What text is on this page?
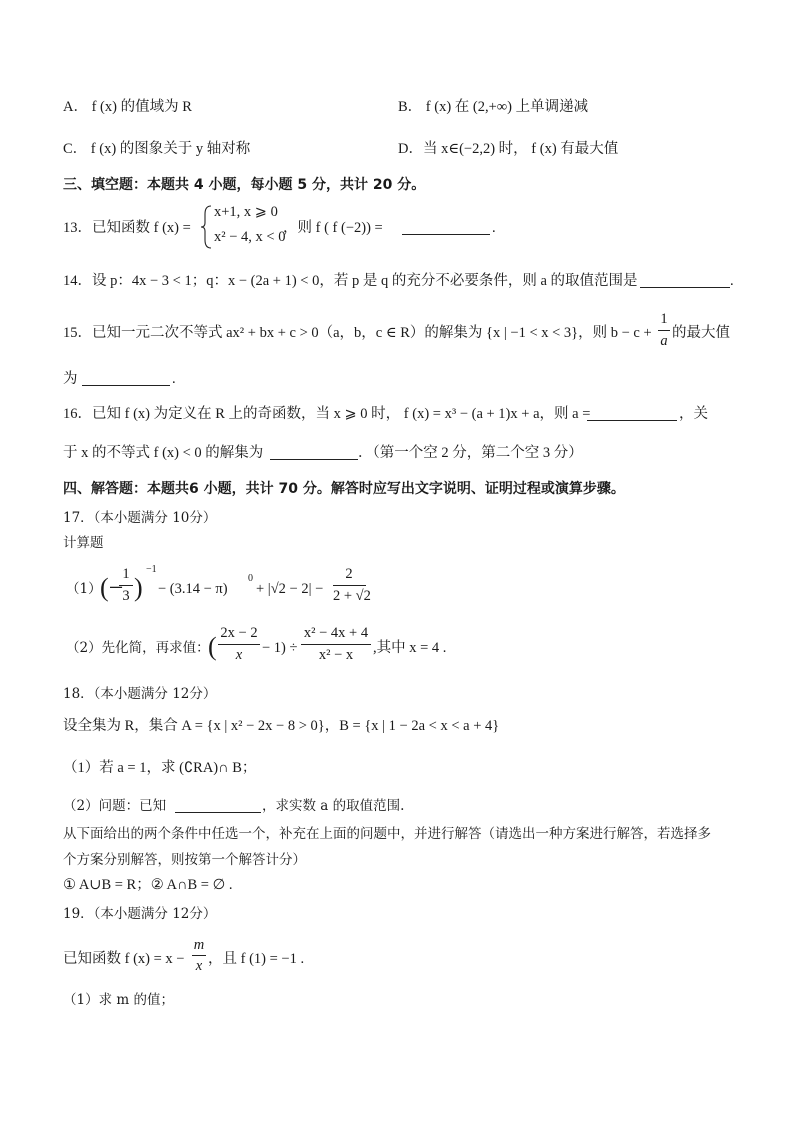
A． f (x) 的值域为 R	B． f (x) 在 (2,+∞) 上单调递减
C． f (x) 的图象关于 y 轴对称	D．当 x∈(−2,2) 时， f (x) 有最大值
三、填空题：本题共 4 小题，每小题 5 分，共计 20 分。
13．已知函数 f (x) =
x+1, x ⩾ 0
x² − 4, x < 0
，则 f ( f (−2)) =	.
14．设 p：4x − 3 < 1；q：x − (2a + 1) < 0，若 p 是 q 的充分不必要条件，则 a 的取值范围是	.
15．已知一元二次不等式 ax² + bx + c > 0（a，b，c ∈ R）的解集为 {x | −1 < x < 3}，则 b − c +
1
a 的最大值
为	.
16．已知 f (x) 为定义在 R 上的奇函数，当 x ⩾ 0 时， f (x) = x³ − (a + 1)x + a，则 a =	，关
于 x 的不等式 f (x) < 0 的解集为	．（第一个空 2 分，第二个空 3 分）
四、解答题：本题共6 小题，共计 70 分。解答时应写出文字说明、证明过程或演算步骤。
17．（本小题满分 10分）
计算题
（1）
(− 1
3 )
−1
− (3.14 − π)
0
+ |√2 − 2| −
2
2 + √2
（2）先化简，再求值：
( 2x − 2
x	− 1) ÷
x² − 4x + 4
x² − x	,其中 x = 4 .
18．（本小题满分 12分）
设全集为 R，集合 A = {x | x² − 2x − 8 > 0}，B = {x | 1 − 2a < x < a + 4}
（1）若 a = 1，求 (∁RA)∩ B；
（2）问题：已知	，求实数 a 的取值范围.
从下面给出的两个条件中任选一个，补充在上面的问题中，并进行解答（请选出一种方案进行解答，若选择多
个方案分别解答，则按第一个解答计分）
① A∪B = R；② A∩B = ∅ .
19．（本小题满分 12分）
已知函数 f (x) = x −
m
x ，且 f (1) = −1 .
（1）求 m 的值；
